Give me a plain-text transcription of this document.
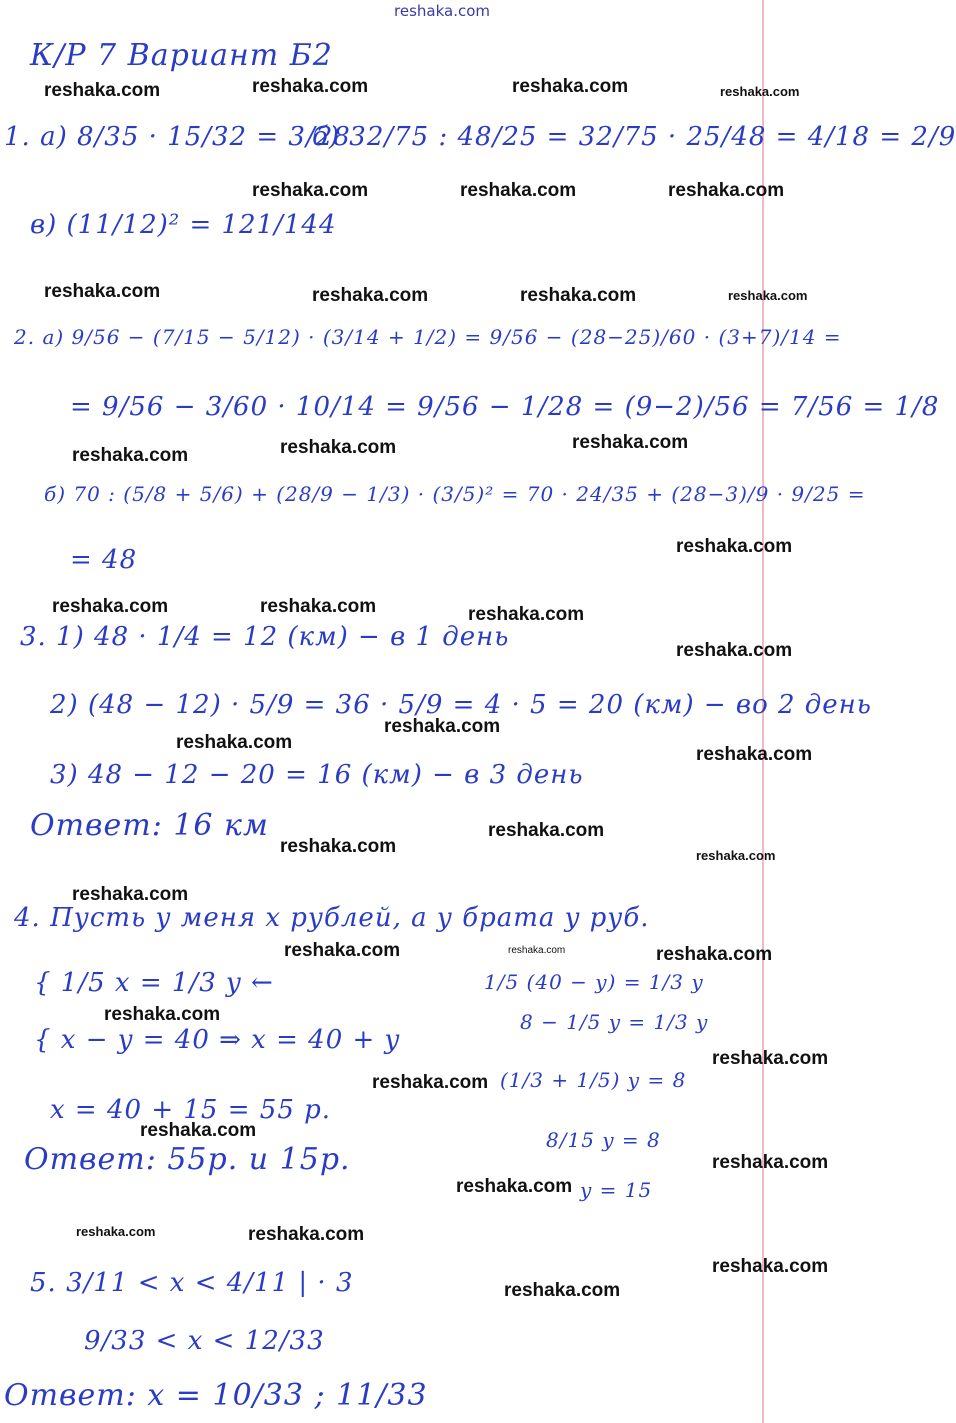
reshaka.com
К/Р 7 Вариант Б2
1. а) 8/35 · 15/32 = 3/28
б) 32/75 : 48/25 = 32/75 · 25/48 = 4/18 = 2/9
в) (11/12)² = 121/144
2. а) 9/56 − (7/15 − 5/12) · (3/14 + 1/2) = 9/56 − (28−25)/60 · (3+7)/14 =
= 9/56 − 3/60 · 10/14 = 9/56 − 1/28 = (9−2)/56 = 7/56 = 1/8
б) 70 : (5/8 + 5/6) + (28/9 − 1/3) · (3/5)² = 70 · 24/35 + (28−3)/9 · 9/25 =
= 48
3. 1) 48 · 1/4 = 12 (км) − в 1 день
2) (48 − 12) · 5/9 = 36 · 5/9 = 4 · 5 = 20 (км) − во 2 день
3) 48 − 12 − 20 = 16 (км) − в 3 день
Ответ: 16 км
4. Пусть у меня x рублей, а у брата y руб.
{ 1/5 x = 1/3 y ←
{ x − y = 40 ⇒ x = 40 + y
1/5 (40 − y) = 1/3 y
8 − 1/5 y = 1/3 y
(1/3 + 1/5) y = 8
8/15 y = 8
y = 15
x = 40 + 15 = 55 р.
Ответ: 55р. и 15р.
5. 3/11 < x < 4/11 | · 3
9/33 < x < 12/33
Ответ: x = 10/33 ; 11/33
reshaka.com	reshaka.com	reshaka.com	reshaka.com
reshaka.com	reshaka.com	reshaka.com
reshaka.com	reshaka.com	reshaka.com	reshaka.com
reshaka.com	reshaka.com	reshaka.com
reshaka.com
reshaka.com	reshaka.com	reshaka.com
reshaka.com
reshaka.com
reshaka.com
reshaka.com
reshaka.com
reshaka.com	reshaka.com
reshaka.com
reshaka.com	reshaka.com	reshaka.com
reshaka.com
reshaka.com
reshaka.com
reshaka.com
reshaka.com
reshaka.com
reshaka.com	reshaka.com
reshaka.com
reshaka.com
